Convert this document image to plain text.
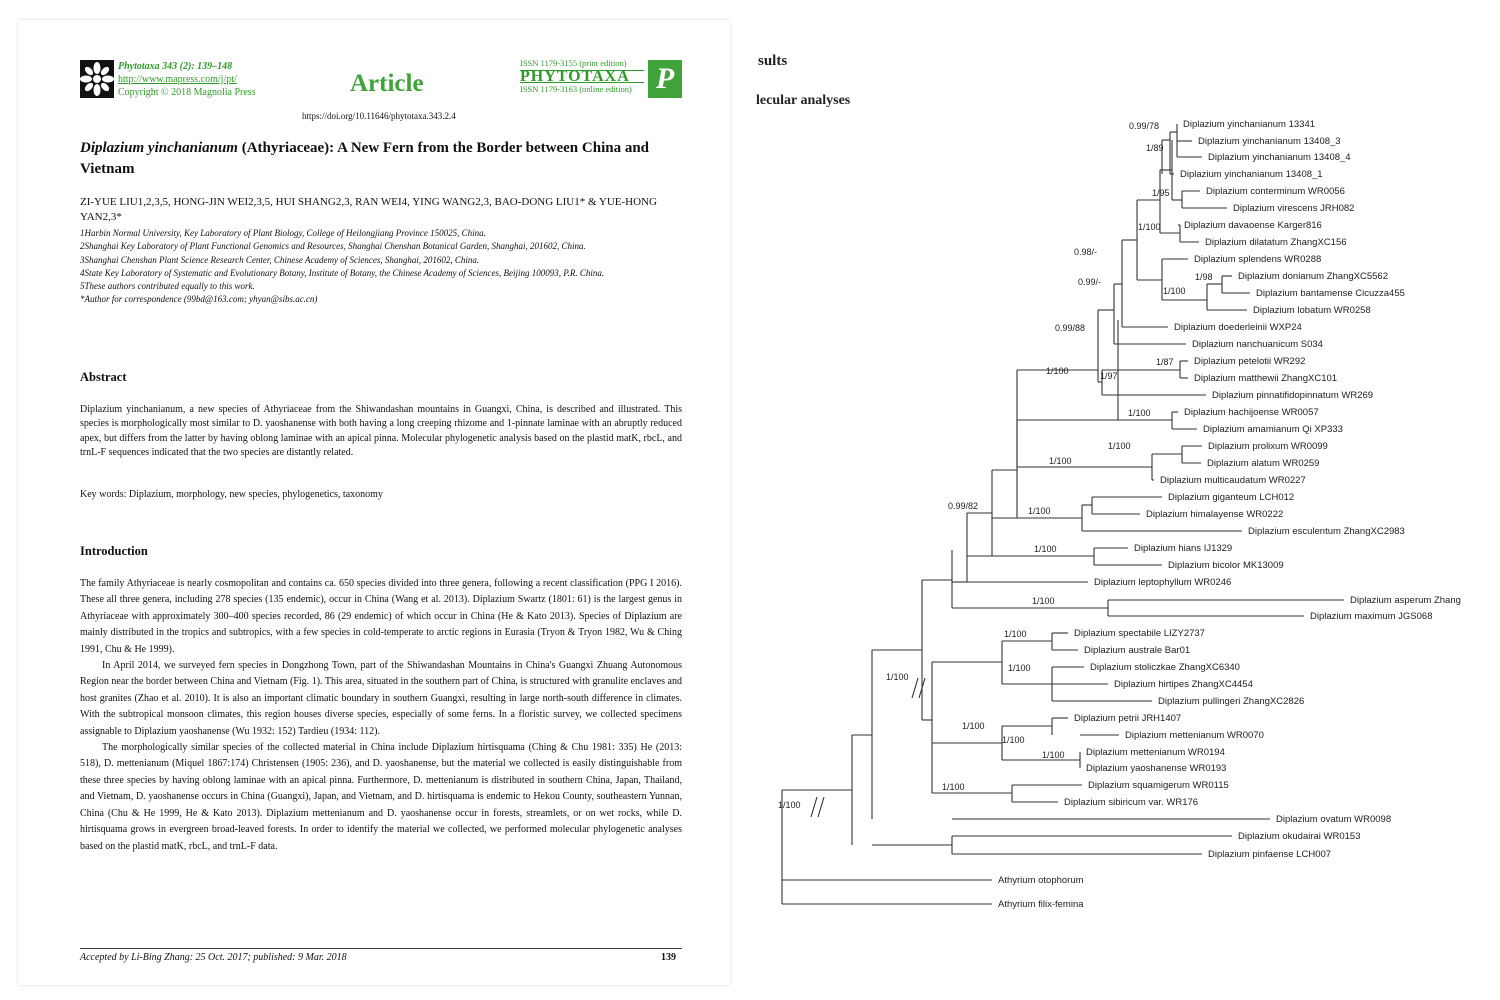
Phytotaxa 343 (2): 139–148
http://www.mapress.com/j/pt/
Copyright © 2018 Magnolia Press	Article
ISSN 1179-3155 (print edition)
PHYTOTAXA
ISSN 1179-3163 (online edition) P
https://doi.org/10.11646/phytotaxa.343.2.4
Diplazium yinchanianum (Athyriaceae): A New Fern from the Border between China and Vietnam
ZI-YUE LIU1,2,3,5, HONG-JIN WEI2,3,5, HUI SHANG2,3, RAN WEI4, YING WANG2,3, BAO-DONG LIU1* & YUE-HONG YAN2,3*
1Harbin Normal University, Key Laboratory of Plant Biology, College of Heilongjiang Province 150025, China.
2Shanghai Key Laboratory of Plant Functional Genomics and Resources, Shanghai Chenshan Botanical Garden, Shanghai, 201602, China.
3Shanghai Chenshan Plant Science Research Center, Chinese Academy of Sciences, Shanghai, 201602, China.
4State Key Laboratory of Systematic and Evolutionary Botany, Institute of Botany, the Chinese Academy of Sciences, Beijing 100093, P.R. China.
5These authors contributed equally to this work.
*Author for correspondence (99bd@163.com; yhyan@sibs.ac.cn)
Abstract
Diplazium yinchanianum, a new species of Athyriaceae from the Shiwandashan mountains in Guangxi, China, is described and illustrated. This species is morphologically most similar to D. yaoshanense with both having a long creeping rhizome and 1-pinnate laminae with an abruptly reduced apex, but differs from the latter by having oblong laminae with an apical pinna. Molecular phylogenetic analysis based on the plastid matK, rbcL, and trnL-F sequences indicated that the two species are distantly related.
Key words: Diplazium, morphology, new species, phylogenetics, taxonomy
Introduction

The family Athyriaceae is nearly cosmopolitan and contains ca. 650 species divided into three genera, following a recent classification (PPG I 2016). These all three genera, including 278 species (135 endemic), occur in China (Wang et al. 2013). Diplazium Swartz (1801: 61) is the largest genus in Athyriaceae with approximately 300–400 species recorded, 86 (29 endemic) of which occur in China (He & Kato 2013). Species of Diplazium are mainly distributed in the tropics and subtropics, with a few species in cold-temperate to arctic regions in Eurasia (Tryon & Tryon 1982, Wu & Ching 1991, Chu & He 1999).

In April 2014, we surveyed fern species in Dongzhong Town, part of the Shiwandashan Mountains in China's Guangxi Zhuang Autonomous Region near the border between China and Vietnam (Fig. 1). This area, situated in the southern part of China, is structured with granulite enclaves and host granites (Zhao et al. 2010). It is also an important climatic boundary in southern Guangxi, resulting in large north-south difference in climates. With the subtropical monsoon climates, this region houses diverse species, especially of some ferns. In a floristic survey, we collected specimens assignable to Diplazium yaoshanense (Wu 1932: 152) Tardieu (1934: 112).

The morphologically similar species of the collected material in China include Diplazium hirtisquama (Ching & Chu 1981: 335) He (2013: 518), D. mettenianum (Miquel 1867:174) Christensen (1905: 236), and D. yaoshanense, but the material we collected is easily distinguishable from these three species by having oblong laminae with an apical pinna. Furthermore, D. mettenianum is distributed in southern China, Japan, Thailand, and Vietnam, D. yaoshanense occurs in China (Guangxi), Japan, and Vietnam, and D. hirtisquama is endemic to Hekou County, southeastern Yunnan, China (Chu & He 1999, He & Kato 2013). Diplazium mettenianum and D. yaoshanense occur in forests, streamlets, or on wet rocks, while D. hirtisquama grows in evergreen broad-leaved forests. In order to identify the material we collected, we performed molecular phylogenetic analyses based on the plastid matK, rbcL, and trnL-F data.

Accepted by Li-Bing Zhang: 25 Oct. 2017; published: 9 Mar. 2018	139
sults
lecular analyses
Diplazium yinchanianum 13341
Diplazium yinchanianum 13408_3
Diplazium yinchanianum 13408_4
Diplazium yinchanianum 13408_1
Diplazium conterminum WR0056
Diplazium virescens JRH082
Diplazium davaoense Karger816
Diplazium dilatatum ZhangXC156
Diplazium splendens WR0288
Diplazium donianum ZhangXC5562
Diplazium bantamense Cicuzza455
Diplazium lobatum WR0258
Diplazium doederleinii WXP24
Diplazium nanchuanicum S034
Diplazium petelotii WR292
Diplazium matthewii ZhangXC101
Diplazium pinnatifidopinnatum WR269
Diplazium hachijoense WR0057
Diplazium amamianum Qi XP333
Diplazium prolixum WR0099
Diplazium alatum WR0259
Diplazium multicaudatum WR0227
Diplazium giganteum LCH012
Diplazium himalayense WR0222
Diplazium esculentum ZhangXC2983
Diplazium hians IJ1329
Diplazium bicolor MK13009
Diplazium leptophyllum WR0246
Diplazium asperum Zhang
Diplazium maximum JGS068
Diplazium spectabile LIZY2737
Diplazium australe Bar01
Diplazium stoliczkae ZhangXC6340
Diplazium hirtipes ZhangXC4454
Diplazium pullingeri ZhangXC2826
Diplazium petrii JRH1407
Diplazium mettenianum WR0070
Diplazium mettenianum WR0194
Diplazium yaoshanense WR0193
Diplazium squamigerum WR0115
Diplazium sibiricum var. WR176
Diplazium ovatum WR0098
Diplazium okudairai WR0153
Diplazium pinfaense LCH007
Athyrium otophorum
Athyrium filix-femina
0.99/78
1/89
1/95
1/100
0.98/-
1/98
1/100
0.99/-
0.99/88
1/87
1/97
1/100
1/100
1/100
1/100
1/100
0.99/82
1/100
1/100
1/100
1/100
1/100
1/100
1/100
1/100
1/100
1/100
